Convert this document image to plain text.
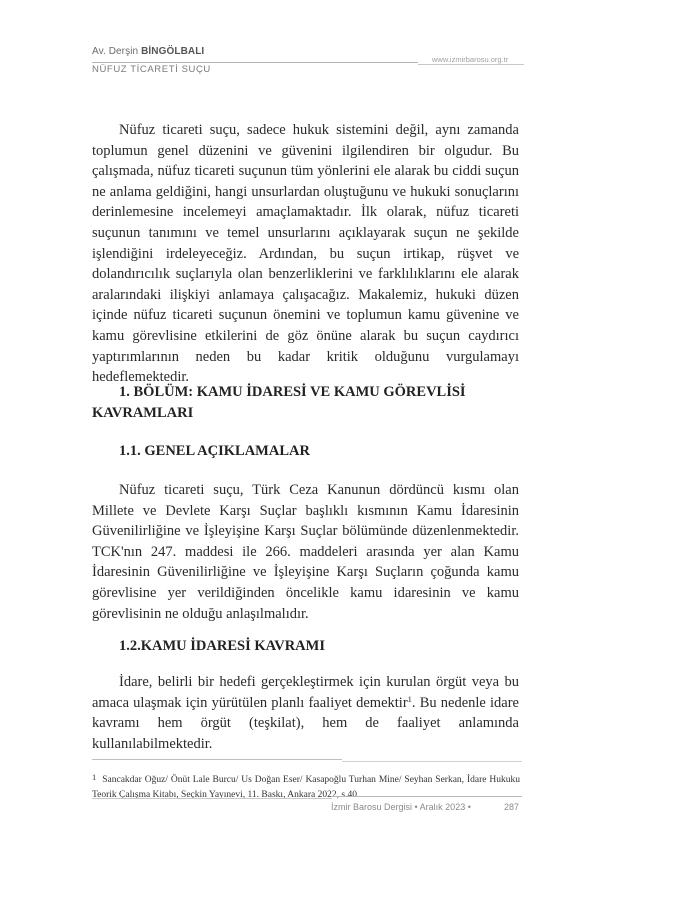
Av. Derşin BİNGÖLBALI
NÜFUZ TİCARETİ SUÇU
www.izmirbarosu.org.tr

Nüfuz ticareti suçu, sadece hukuk sistemini değil, aynı zamanda toplumun genel düzenini ve güvenini ilgilendiren bir olgudur. Bu çalışmada, nüfuz ticareti suçunun tüm yönlerini ele alarak bu ciddi suçun ne anlama geldiğini, hangi unsurlardan oluştuğunu ve hukuki sonuçlarını derinlemesine incelemeyi amaçlamaktadır. İlk olarak, nüfuz ticareti suçunun tanımını ve temel unsurlarını açıklayarak suçun ne şekilde işlendiğini irdeleyeceğiz. Ardından, bu suçun irtikap, rüşvet ve dolandırıcılık suçlarıyla olan benzerliklerini ve farklılıklarını ele alarak aralarındaki ilişkiyi anlamaya çalışacağız. Makalemiz, hukuki düzen içinde nüfuz ticareti suçunun önemini ve toplumun kamu güvenine ve kamu görevlisine etkilerini de göz önüne alarak bu suçun caydırıcı yaptırımlarının neden bu kadar kritik olduğunu vurgulamayı hedeflemektedir.

1. BÖLÜM: KAMU İDARESİ VE KAMU GÖREVLİSİ KAVRAMLARI

1.1. GENEL AÇIKLAMALAR

Nüfuz ticareti suçu, Türk Ceza Kanunun dördüncü kısmı olan Millete ve Devlete Karşı Suçlar başlıklı kısmının Kamu İdaresinin Güvenilirliğine ve İşleyişine Karşı Suçlar bölümünde düzenlenmektedir. TCK'nın 247. maddesi ile 266. maddeleri arasında yer alan Kamu İdaresinin Güvenilirliğine ve İşleyişine Karşı Suçların çoğunda kamu görevlisine yer verildiğinden öncelikle kamu idaresinin ve kamu görevlisinin ne olduğu anlaşılmalıdır.

1.2.KAMU İDARESİ KAVRAMI

İdare, belirli bir hedefi gerçekleştirmek için kurulan örgüt veya bu amaca ulaşmak için yürütülen planlı faaliyet demektir$^1$. Bu nedenle idare kavramı hem örgüt (teşkilat), hem de faaliyet anlamında kullanılabilmektedir.

1 Sancakdar Oğuz/ Önüt Lale Burcu/ Us Doğan Eser/ Kasapoğlu Turhan Mine/ Seyhan Serkan, İdare Hukuku Teorik Çalışma Kitabı, Seçkin Yayınevi, 11. Baskı, Ankara 2022, s.40.

İzmir Barosu Dergisi • Aralık 2023 •	287
